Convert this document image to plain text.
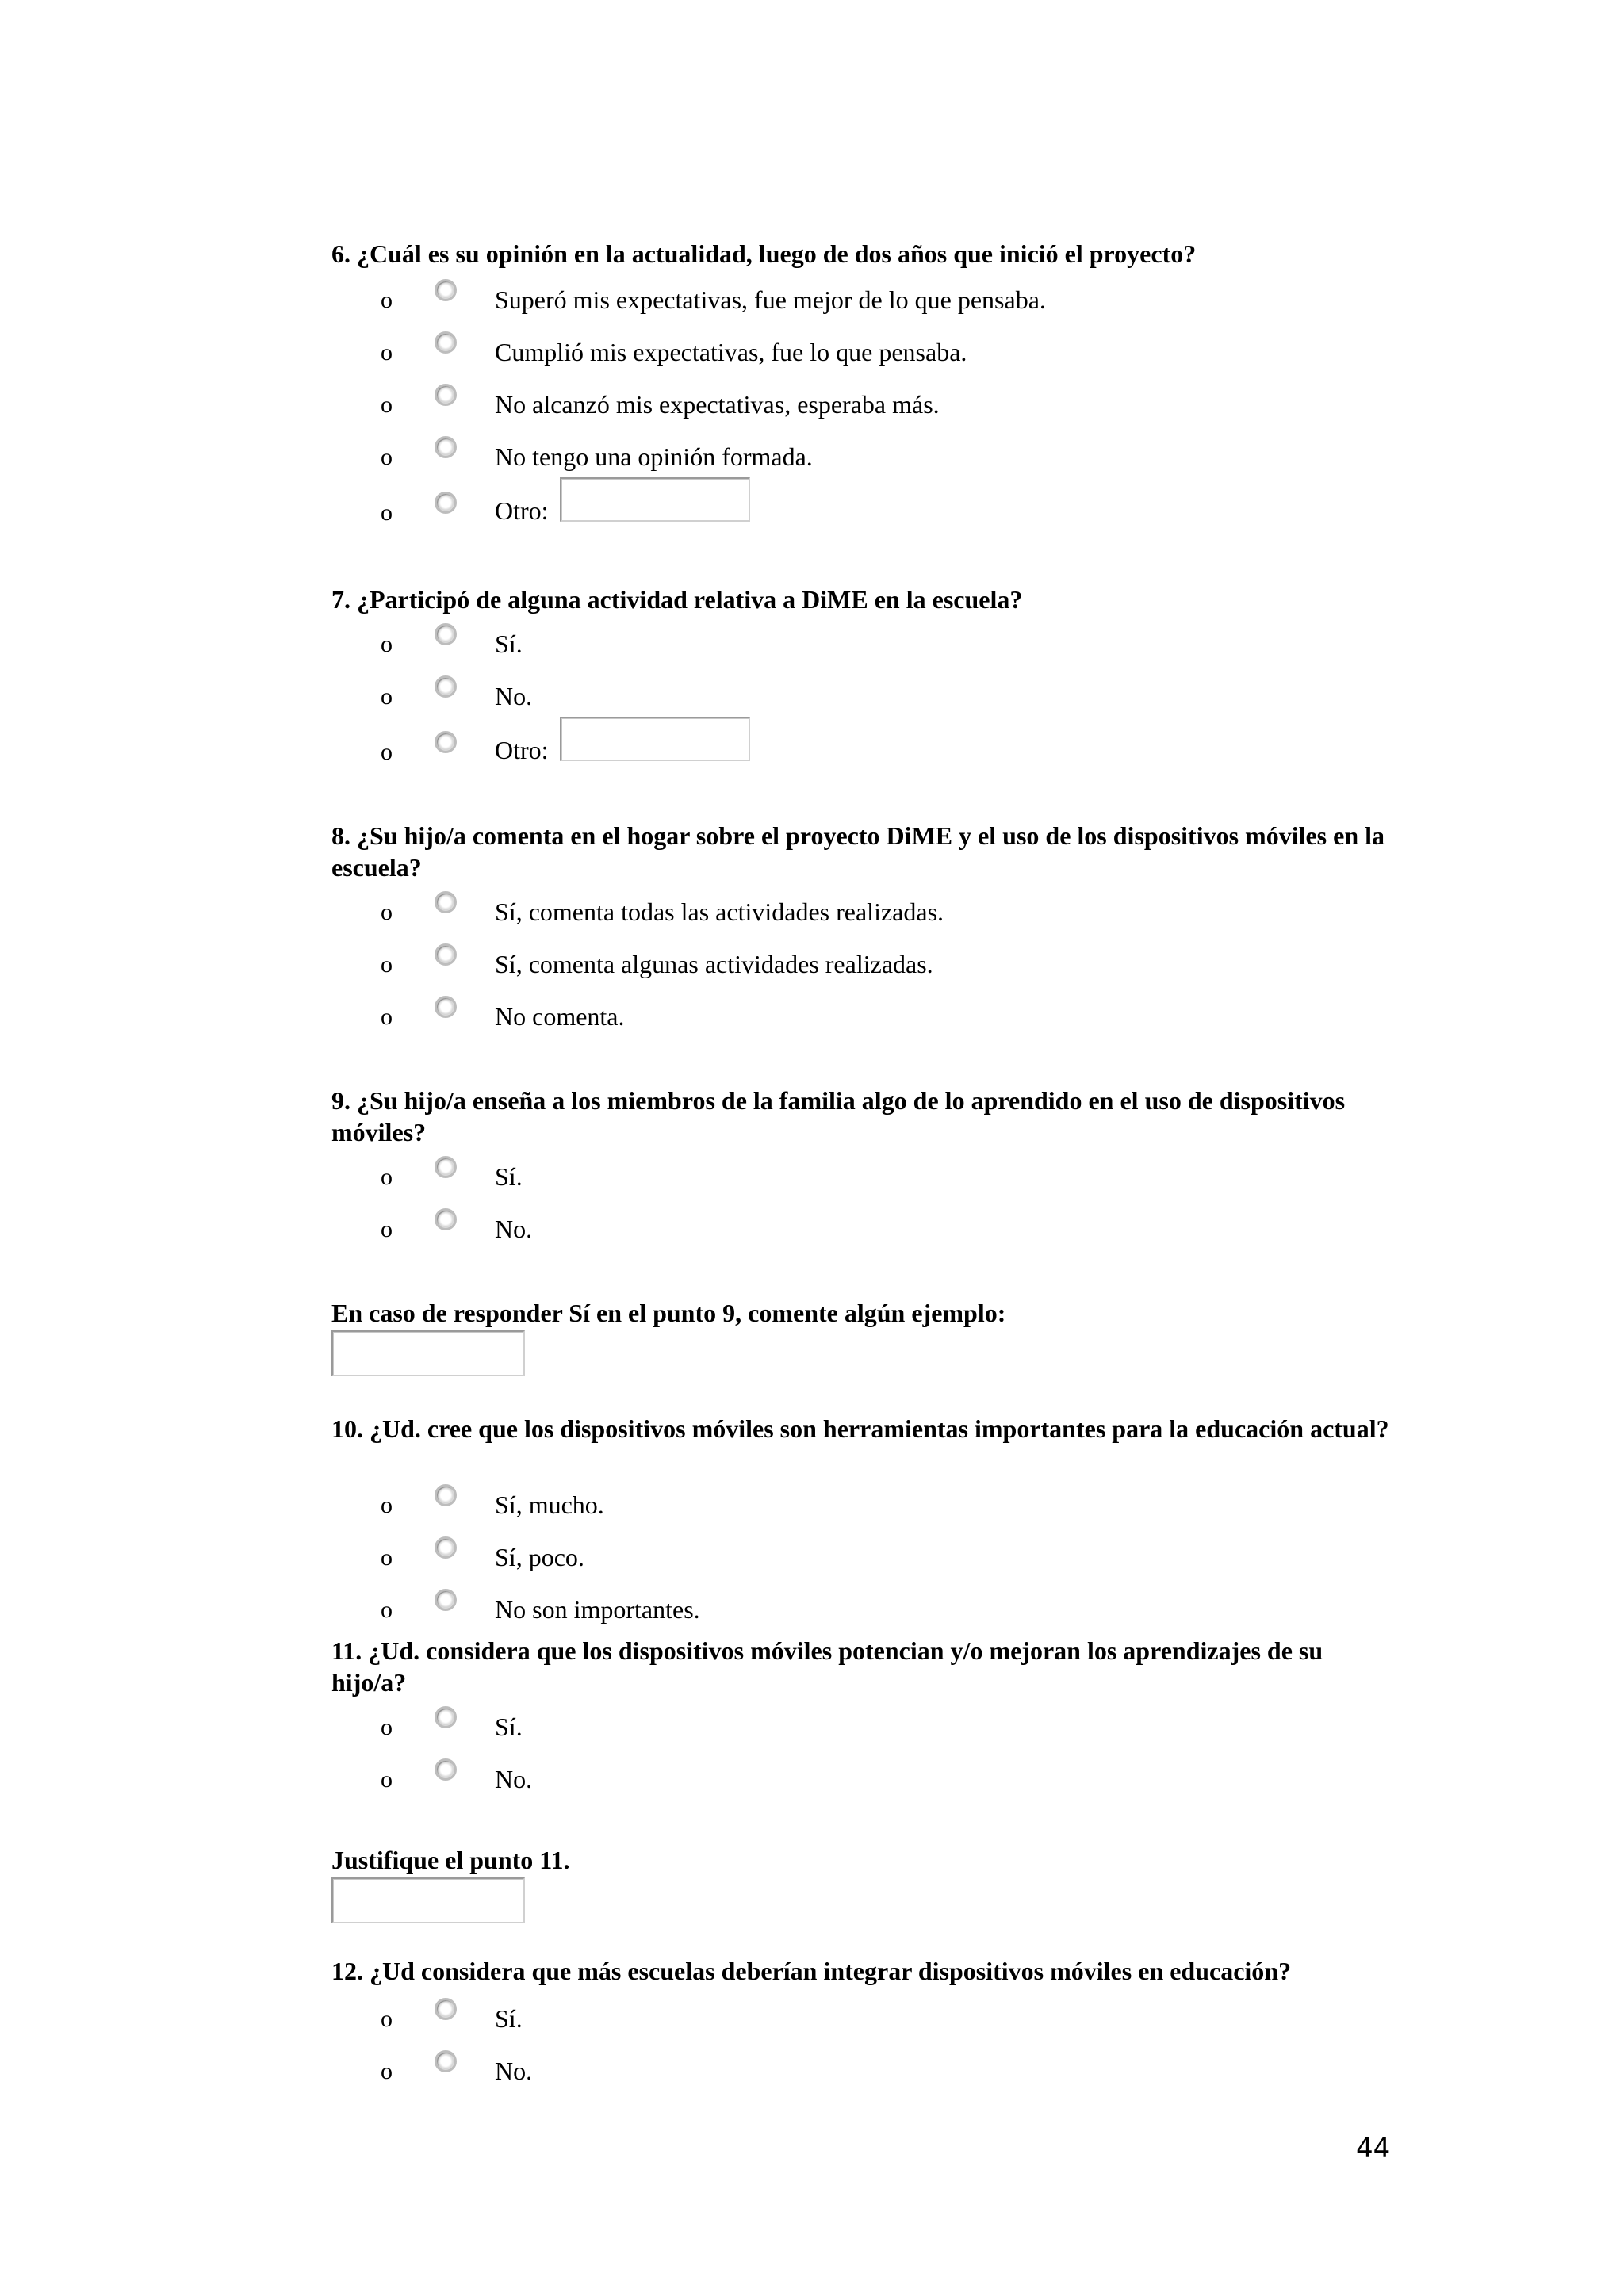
6. ¿Cuál es su opinión en la actualidad, luego de dos años que inició el proyecto?

o	Superó mis expectativas, fue mejor de lo que pensaba.
o	Cumplió mis expectativas, fue lo que pensaba.
o	No alcanzó mis expectativas, esperaba más.
o	No tengo una opinión formada.
o	Otro:

7. ¿Participó de alguna actividad relativa a DiME en la escuela?

o	Sí.
o	No.
o	Otro:

8. ¿Su hijo/a comenta en el hogar sobre el proyecto DiME y el uso de los dispositivos móviles en la escuela?

o	Sí, comenta todas las actividades realizadas.
o	Sí, comenta algunas actividades realizadas.
o	No comenta.

9. ¿Su hijo/a enseña a los miembros de la familia algo de lo aprendido en el uso de dispositivos móviles?

o	Sí.
o	No.

En caso de responder Sí en el punto 9, comente algún ejemplo:

10. ¿Ud. cree que los dispositivos móviles son herramientas importantes para la educación actual?

o	Sí, mucho.
o	Sí, poco.
o	No son importantes.

11. ¿Ud. considera que los dispositivos móviles potencian y/o mejoran los aprendizajes de su hijo/a?

o	Sí.
o	No.

Justifique el punto 11.

12. ¿Ud considera que más escuelas deberían integrar dispositivos móviles en educación?

o	Sí.
o	No.
44
